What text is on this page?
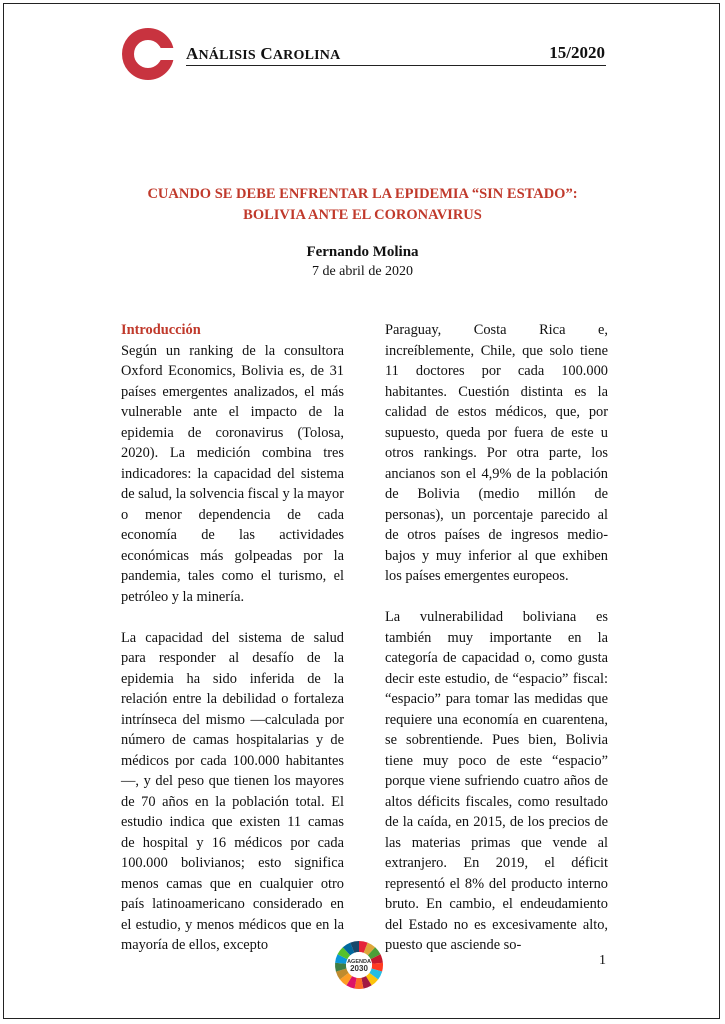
ANÁLISIS CAROLINA	15/2020
CUANDO SE DEBE ENFRENTAR LA EPIDEMIA “SIN ESTADO”:
BOLIVIA ANTE EL CORONAVIRUS
Fernando Molina
7 de abril de 2020

Introducción

Según un ranking de la consultora Oxford Economics, Bolivia es, de 31 países emergentes analizados, el más vulnerable ante el impacto de la epidemia de coronavirus (Tolosa, 2020). La medición combina tres indicadores: la capacidad del sistema de salud, la solvencia fiscal y la mayor o menor dependencia de cada economía de las actividades económicas más golpeadas por la pandemia, tales como el turismo, el petróleo y la minería.

La capacidad del sistema de salud para responder al desafío de la epidemia ha sido inferida de la relación entre la debilidad o fortaleza intrínseca del mismo —calculada por número de camas hospitalarias y de médicos por cada 100.000 habitantes—, y del peso que tienen los mayores de 70 años en la población total. El estudio indica que existen 11 camas de hospital y 16 médicos por cada 100.000 bolivianos; esto significa menos camas que en cualquier otro país latinoamericano considerado en el estudio, y menos médicos que en la mayoría de ellos, excepto

Paraguay, Costa Rica e, increíblemente, Chile, que solo tiene 11 doctores por cada 100.000 habitantes. Cuestión distinta es la calidad de estos médicos, que, por supuesto, queda por fuera de este u otros rankings. Por otra parte, los ancianos son el 4,9% de la población de Bolivia (medio millón de personas), un porcentaje parecido al de otros países de ingresos medio-bajos y muy inferior al que exhiben los países emergentes europeos.

La vulnerabilidad boliviana es también muy importante en la categoría de capacidad o, como gusta decir este estudio, de “espacio” fiscal: “espacio” para tomar las medidas que requiere una economía en cuarentena, se sobrentiende. Pues bien, Bolivia tiene muy poco de este “espacio” porque viene sufriendo cuatro años de altos déficits fiscales, como resultado de la caída, en 2015, de los precios de las materias primas que vende al extranjero. En 2019, el déficit representó el 8% del producto interno bruto. En cambio, el endeudamiento del Estado no es excesivamente alto, puesto que asciende so-

AGENDA
2030
1
